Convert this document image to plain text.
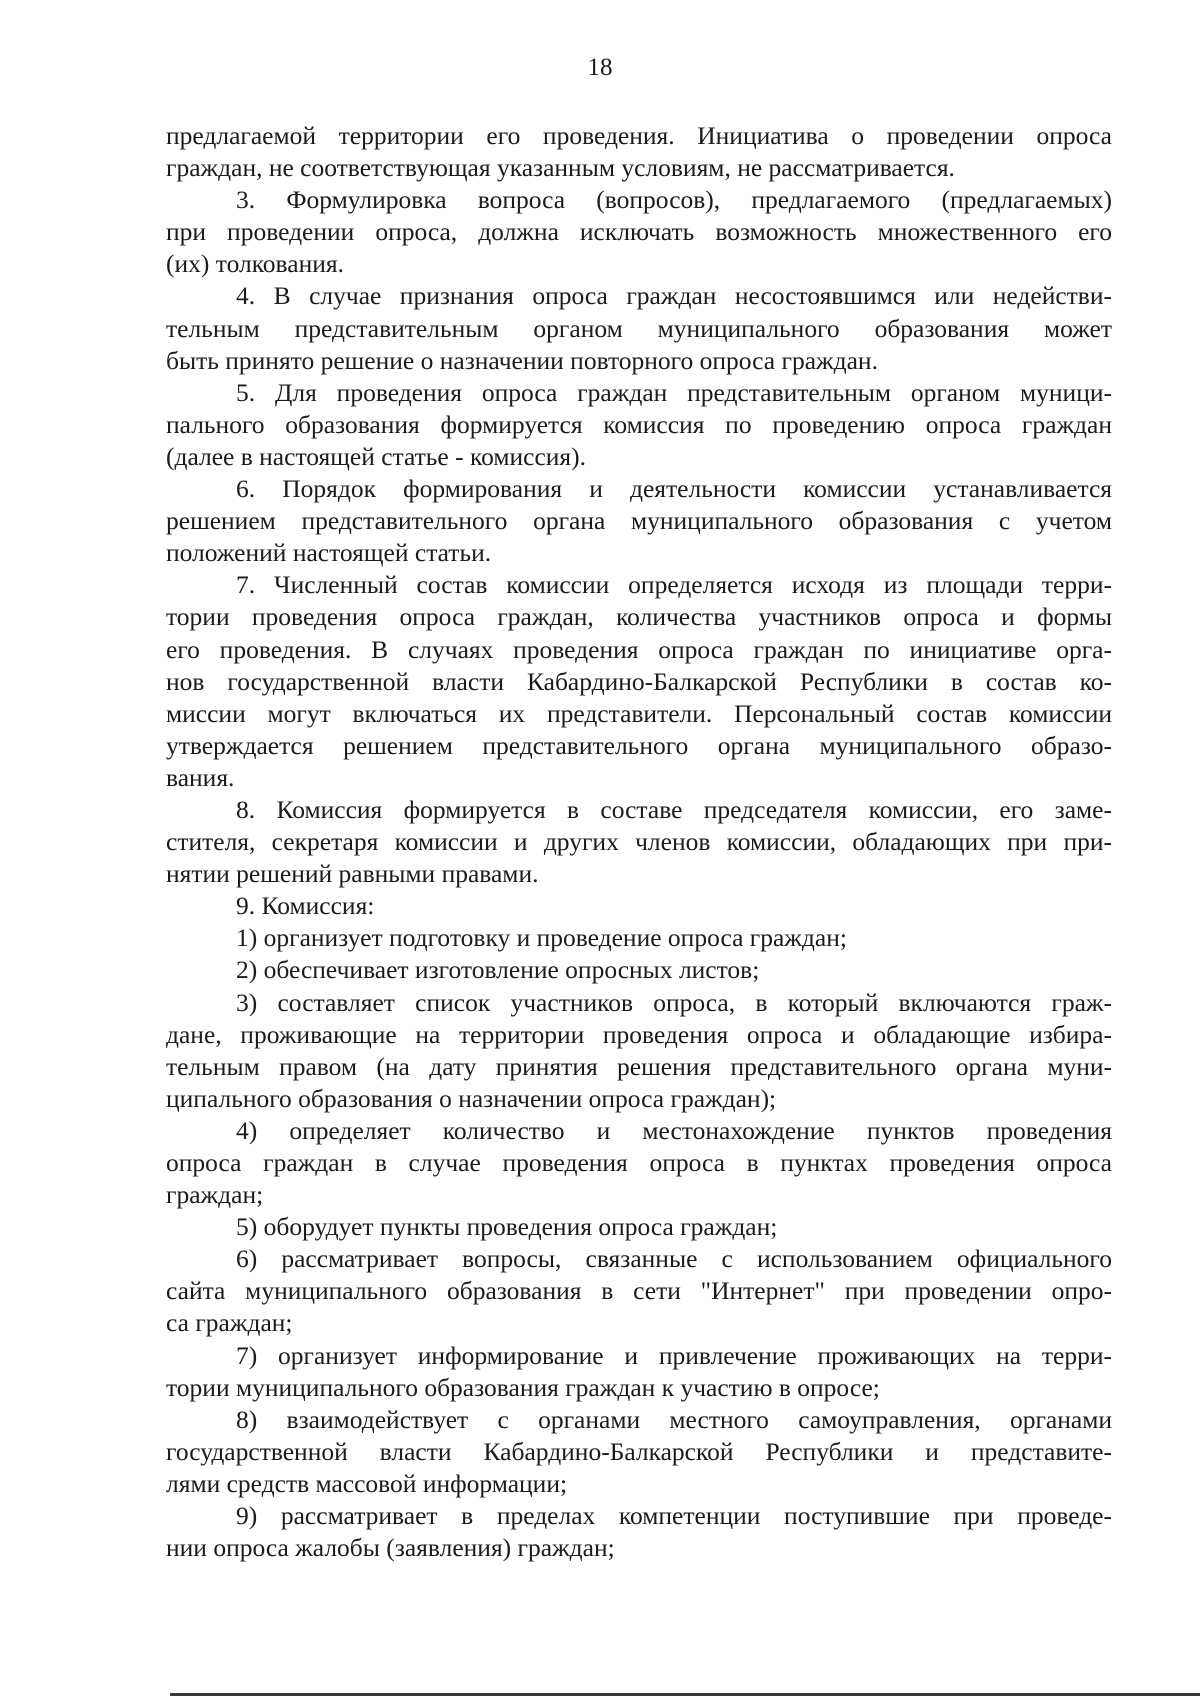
18
предлагаемой территории его проведения. Инициатива о проведении опроса
граждан, не соответствующая указанным условиям, не рассматривается.
3. Формулировка вопроса (вопросов), предлагаемого (предлагаемых)
при проведении опроса, должна исключать возможность множественного его
(их) толкования.
4. В случае признания опроса граждан несостоявшимся или недействи-
тельным представительным органом муниципального образования может
быть принято решение о назначении повторного опроса граждан.
5. Для проведения опроса граждан представительным органом муници-
пального образования формируется комиссия по проведению опроса граждан
(далее в настоящей статье - комиссия).
6. Порядок формирования и деятельности комиссии устанавливается
решением представительного органа муниципального образования с учетом
положений настоящей статьи.
7. Численный состав комиссии определяется исходя из площади терри-
тории проведения опроса граждан, количества участников опроса и формы
его проведения. В случаях проведения опроса граждан по инициативе орга-
нов государственной власти Кабардино-Балкарской Республики в состав ко-
миссии могут включаться их представители. Персональный состав комиссии
утверждается решением представительного органа муниципального образо-
вания.
8. Комиссия формируется в составе председателя комиссии, его заме-
стителя, секретаря комиссии и других членов комиссии, обладающих при при-
нятии решений равными правами.
9. Комиссия:
1) организует подготовку и проведение опроса граждан;
2) обеспечивает изготовление опросных листов;
3) составляет список участников опроса, в который включаются граж-
дане, проживающие на территории проведения опроса и обладающие избира-
тельным правом (на дату принятия решения представительного органа муни-
ципального образования о назначении опроса граждан);
4) определяет количество и местонахождение пунктов проведения
опроса граждан в случае проведения опроса в пунктах проведения опроса
граждан;
5) оборудует пункты проведения опроса граждан;
6) рассматривает вопросы, связанные с использованием официального
сайта муниципального образования в сети "Интернет" при проведении опро-
са граждан;
7) организует информирование и привлечение проживающих на терри-
тории муниципального образования граждан к участию в опросе;
8) взаимодействует с органами местного самоуправления, органами
государственной власти Кабардино-Балкарской Республики и представите-
лями средств массовой информации;
9) рассматривает в пределах компетенции поступившие при проведе-
нии опроса жалобы (заявления) граждан;
